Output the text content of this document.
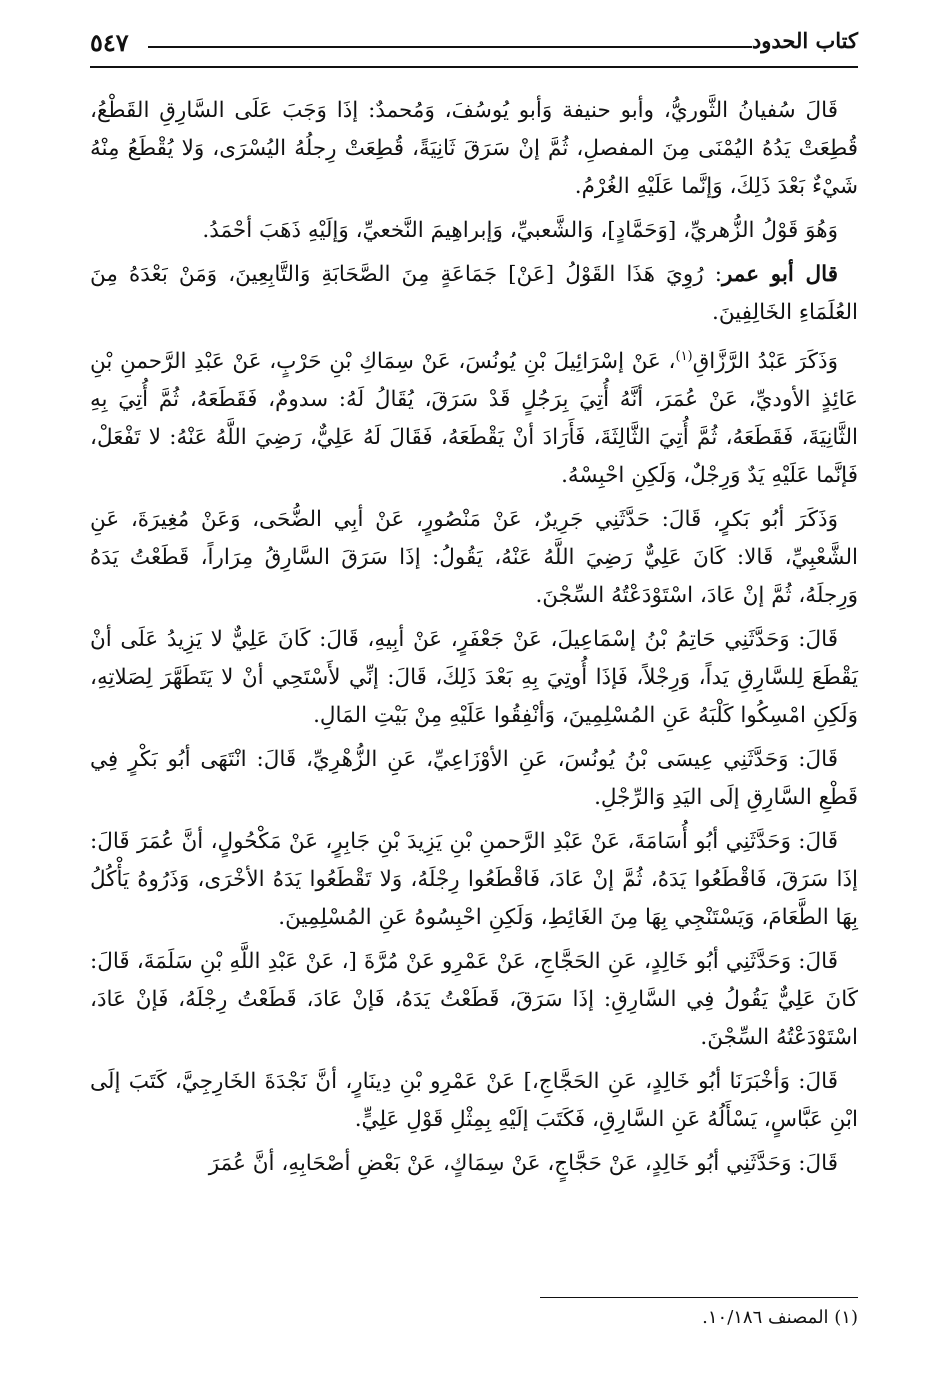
٥٤٧	كتاب الحدود

قَالَ سُفيانُ الثَّوريُّ، وأبو حنيفة وَأبو يُوسُفَ، وَمُحمدٌ: إذَا وَجَبَ عَلَى السَّارِقِ القَطْعُ، قُطِعَتْ يَدُهُ اليُمْنَى مِنَ المفصلِ، ثُمَّ إنْ سَرَقَ ثَانِيَةً، قُطِعَتْ رِجلُهُ اليُسْرَى، وَلا يُقْطَعُ مِنْهُ شَيْءٌ بَعْدَ ذَلِكَ، وَإنَّما عَلَيْهِ الغُرْمُ.

وَهُوَ قَوْلُ الزُّهريِّ، [وَحَمَّادٍ]، وَالشَّعبيِّ، وَإبراهِيمَ النَّخعيِّ، وَإلَيْهِ ذَهَبَ أحْمَدُ.

قال أبو عمر: رُوِيَ هَذَا القَوْلُ [عَنْ] جَمَاعَةٍ مِنَ الصَّحَابَةِ وَالتَّابِعِينَ، وَمَنْ بَعْدَهُ مِنَ العُلَمَاءِ الخَالِفِينَ.

وَذَكَرَ عَبْدُ الرَّزَّاقِ$^{(١)}$، عَنْ إسْرَائِيلَ بْنِ يُونُسَ، عَنْ سِمَاكِ بْنِ حَرْبٍ، عَنْ عَبْدِ الرَّحمنِ بْنِ عَائِذٍ الأوديِّ، عَنْ عُمَرَ، أنَّهُ أُتِيَ بِرَجُلٍ قَدْ سَرَقَ، يُقَالُ لَهُ: سدومٌ، فَقَطَعَهُ، ثُمَّ أُتِيَ بِهِ الثَّانِيَةَ، فَقَطَعَهُ، ثُمَّ أُتِيَ الثَّالِثَةَ، فَأَرَادَ أنْ يَقْطَعَهُ، فَقَالَ لَهُ عَلِيٌّ، رَضِيَ اللَّهُ عَنْهُ: لا تَفْعَلْ، فَإنَّما عَلَيْهِ يَدٌ وَرِجْلٌ، وَلَكِنِ احْبِسْهُ.

وَذَكَرَ أبُو بَكرٍ، قَالَ: حَدَّثَنِي جَرِيرٌ، عَنْ مَنْصُورٍ، عَنْ أبِي الضُّحَى، وَعَنْ مُغِيرَةَ، عَنِ الشَّعْبِيِّ، قَالا: كَانَ عَلِيٌّ رَضِيَ اللَّهُ عَنْهُ، يَقُولُ: إذَا سَرَقَ السَّارِقُ مِرَاراً، قَطَعْتُ يَدَهُ وَرِجلَهُ، ثُمَّ إنْ عَادَ، اسْتَوْدَعْتُهُ السِّجْنَ.

قَالَ: وَحَدَّثَنِي حَاتِمُ بْنُ إسْمَاعِيلَ، عَنْ جَعْفَرٍ، عَنْ أبِيهِ، قَالَ: كَانَ عَلِيٌّ لا يَزِيدُ عَلَى أنْ يَقْطَعَ لِلسَّارِقِ يَداً، وَرِجْلاً، فَإذَا أُوتِيَ بِهِ بَعْدَ ذَلِكَ، قَالَ: إنِّي لأَسْتَحِي أنْ لا يَتَطَهَّرَ لِصَلاتِهِ، وَلَكِنِ امْسِكُوا كَلْبَهُ عَنِ المُسْلِمِينَ، وَأنْفِقُوا عَلَيْهِ مِنْ بَيْتِ المَالِ.

قَالَ: وَحَدَّثَنِي عِيسَى بْنُ يُونُسَ، عَنِ الأوْزَاعِيِّ، عَنِ الزُّهْرِيِّ، قَالَ: انْتَهَى أبُو بَكْرٍ فِي قَطْعِ السَّارِقِ إلَى اليَدِ وَالرِّجْلِ.

قَالَ: وَحَدَّثَنِي أبُو أُسَامَةَ، عَنْ عَبْدِ الرَّحمنِ بْنِ يَزِيدَ بْنِ جَابِرٍ، عَنْ مَكْحُولٍ، أنَّ عُمَرَ قَالَ: إذَا سَرَقَ، فَاقْطَعُوا يَدَهُ، ثُمَّ إنْ عَادَ، فَاقْطَعُوا رِجْلَهُ، وَلا تَقْطَعُوا يَدَهُ الأخْرَى، وَذَرُوهُ يَأْكُلُ بِهَا الطَّعَامَ، وَيَسْتَنْجِي بِهَا مِنَ الغَائِطِ، وَلَكِنِ احْبِسُوهُ عَنِ المُسْلِمِينَ.

قَالَ: وَحَدَّثَنِي أبُو خَالِدٍ، عَنِ الحَجَّاجِ، عَنْ عَمْرِو عَنْ مُرَّةَ [، عَنْ عَبْدِ اللَّهِ بْنِ سَلَمَةَ، قَالَ: كَانَ عَلِيٌّ يَقُولُ فِي السَّارِقِ: إذَا سَرَقَ، قَطَعْتُ يَدَهُ، فَإنْ عَادَ، قَطَعْتُ رِجْلَهُ، فَإنْ عَادَ، اسْتَوْدَعْتُهُ السِّجْنَ.

قَالَ: وَأخْبَرَنَا أبُو خَالِدٍ، عَنِ الحَجَّاجِ،] عَنْ عَمْرِو بْنِ دِينَارٍ، أنَّ نَجْدَةَ الخَارِجِيَّ، كَتَبَ إلَى ابْنِ عَبَّاسٍ، يَسْأَلُهُ عَنِ السَّارِقِ، فَكَتَبَ إلَيْهِ بِمِثْلِ قَوْلِ عَلِيٍّ.

قَالَ: وَحَدَّثَنِي أبُو خَالِدٍ، عَنْ حَجَّاجٍ، عَنْ سِمَاكٍ، عَنْ بَعْضِ أصْحَابِهِ، أنَّ عُمَرَ

(١) المصنف ١٠/١٨٦.
